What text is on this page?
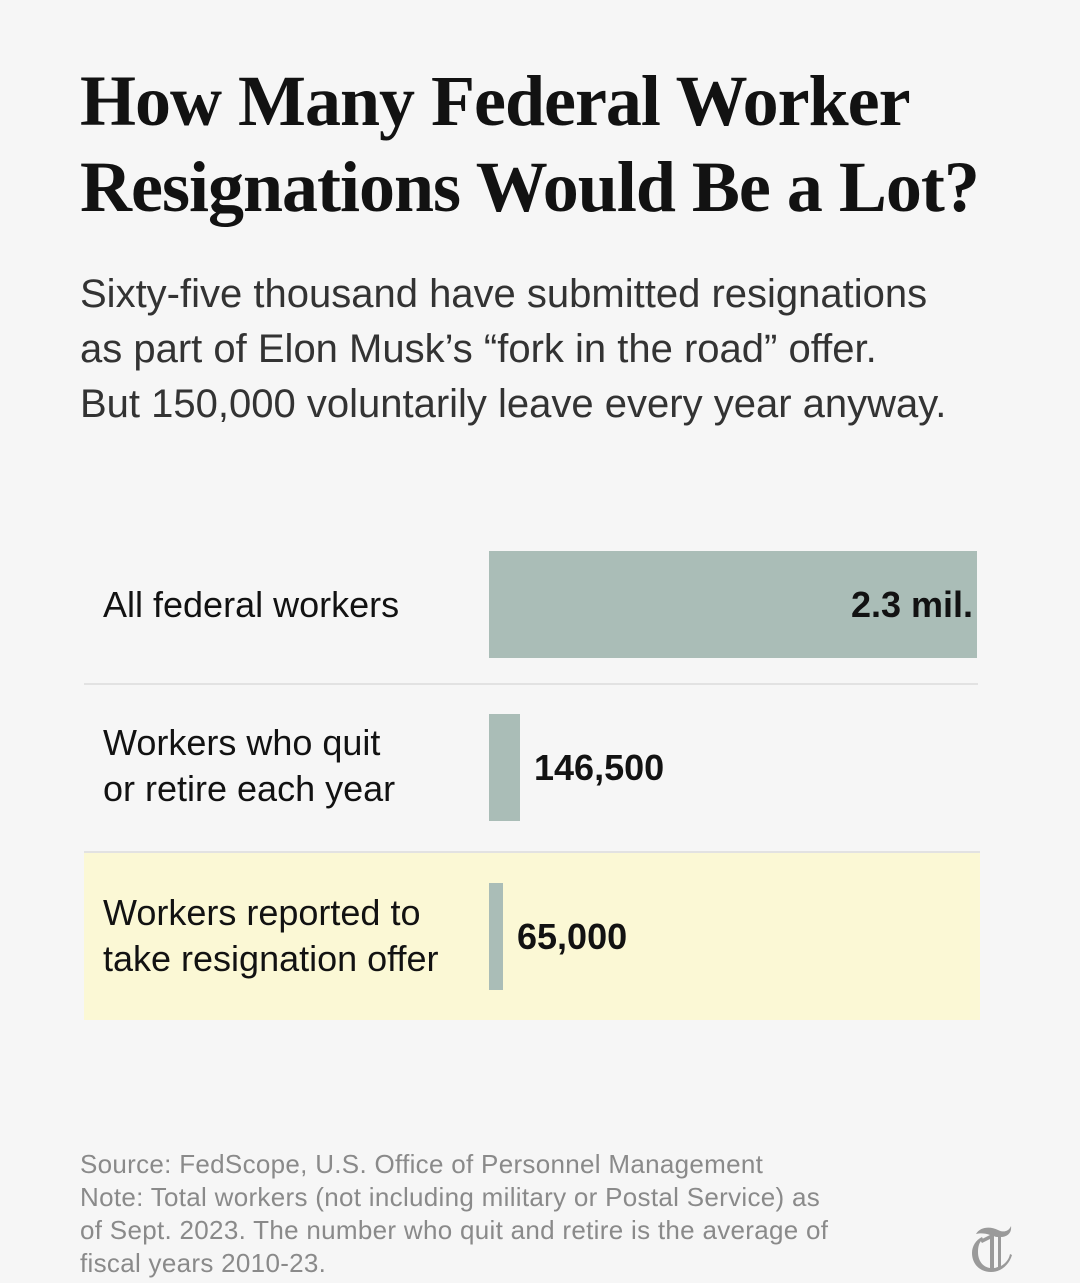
How Many Federal Worker
Resignations Would Be a Lot?

Sixty-five thousand have submitted resignations
as part of Elon Musk’s “fork in the road” offer.
But 150,000 voluntarily leave every year anyway.

All federal workers
Workers who quit
or retire each year
Workers reported to
take resignation offer
2.3 mil.
146,500
65,000
Source: FedScope, U.S. Office of Personnel Management
Note: Total workers (not including military or Postal Service) as
of Sept. 2023. The number who quit and retire is the average of
fiscal years 2010-23.
